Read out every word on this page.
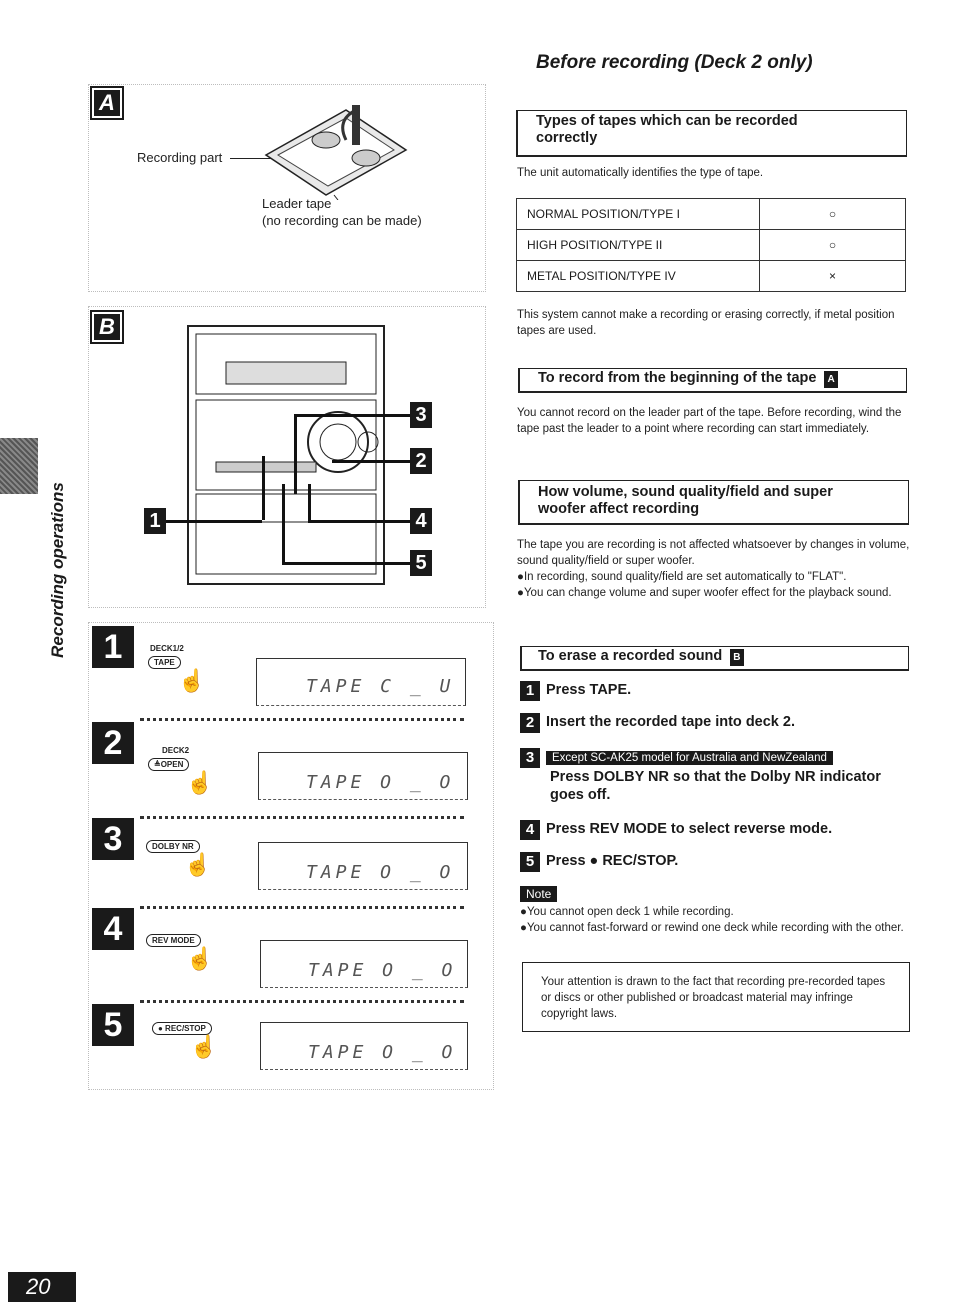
Before recording (Deck 2 only)
Recording operations
20
A
Recording part
Leader tape
(no recording can be made)
B
3
2
1	4
5
1	DECK1/2
TAPE
☝	TAPE C _ U
2	DECK2
≜OPEN
☝	TAPE O _ O
3	DOLBY NR
☝	TAPE O _ O
4	REV MODE
☝	TAPE O _ O
5	● REC/STOP
☝	TAPE O _ O
Types of tapes which can be recorded correctly
The unit automatically identifies the type of tape.
NORMAL POSITION/TYPE I	○
HIGH POSITION/TYPE II	○
METAL POSITION/TYPE IV	×
This system cannot make a recording or erasing correctly, if metal position tapes are used.
To record from the beginning of the tape A
You cannot record on the leader part of the tape. Before recording, wind the tape past the leader to a point where recording can start immediately.
How volume, sound quality/field and super woofer affect recording
The tape you are recording is not affected whatsoever by changes in volume, sound quality/field or super woofer.
●In recording, sound quality/field are set automatically to "FLAT".
●You can change volume and super woofer effect for the playback sound.
To erase a recorded sound B
1 Press TAPE.
2 Insert the recorded tape into deck 2.
3 Except SC-AK25 model for Australia and NewZealand
Press DOLBY NR so that the Dolby NR indicator goes off.
4 Press REV MODE to select reverse mode.
5 Press ● REC/STOP.
Note
●You cannot open deck 1 while recording.
●You cannot fast-forward or rewind one deck while recording with the other.
Your attention is drawn to the fact that recording pre-recorded tapes or discs or other published or broadcast material may infringe copyright laws.
